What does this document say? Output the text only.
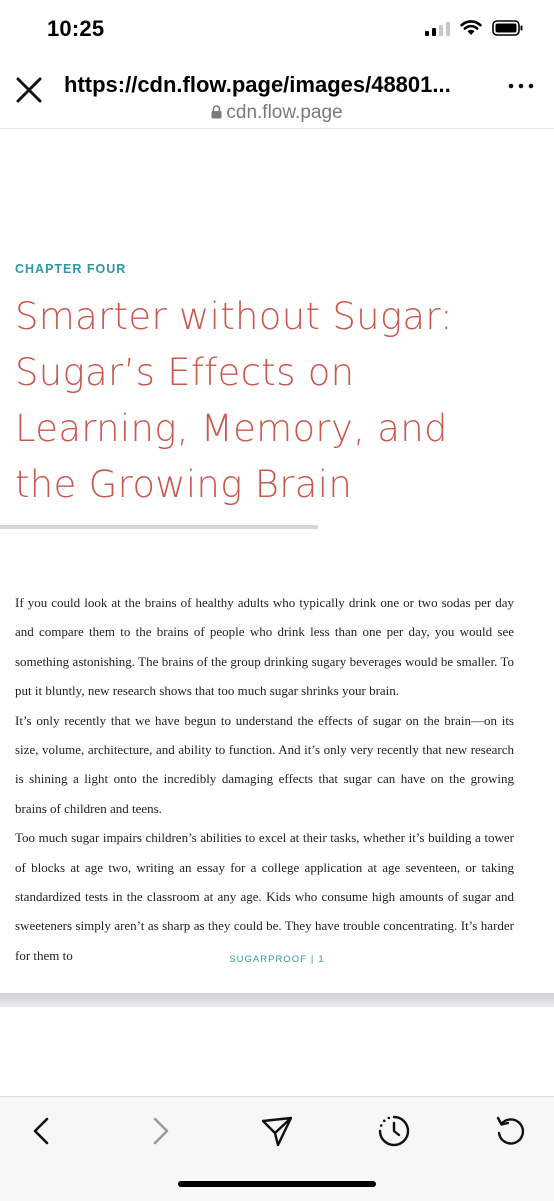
10:25
https://cdn.flow.page/images/48801...
cdn.flow.page
CHAPTER FOUR
Smarter without Sugar:
Sugar’s Effects on
Learning, Memory, and
the Growing Brain

If you could look at the brains of healthy adults who typically drink one or two sodas per day and compare them to the brains of people who drink less than one per day, you would see something astonishing. The brains of the group drinking sugary beverages would be smaller. To put it bluntly, new research shows that too much sugar shrinks your brain.

It’s only recently that we have begun to understand the effects of sugar on the brain—on its size, volume, architecture, and ability to function. And it’s only very recently that new research is shining a light onto the incredibly damaging effects that sugar can have on the growing brains of children and teens.

Too much sugar impairs children’s abilities to excel at their tasks, whether it’s building a tower of blocks at age two, writing an essay for a college application at age seventeen, or taking standardized tests in the classroom at any age. Kids who consume high amounts of sugar and sweeteners simply aren’t as sharp as they could be. They have trouble concentrating. It’s harder for them to	SUGARPROOF | 1
